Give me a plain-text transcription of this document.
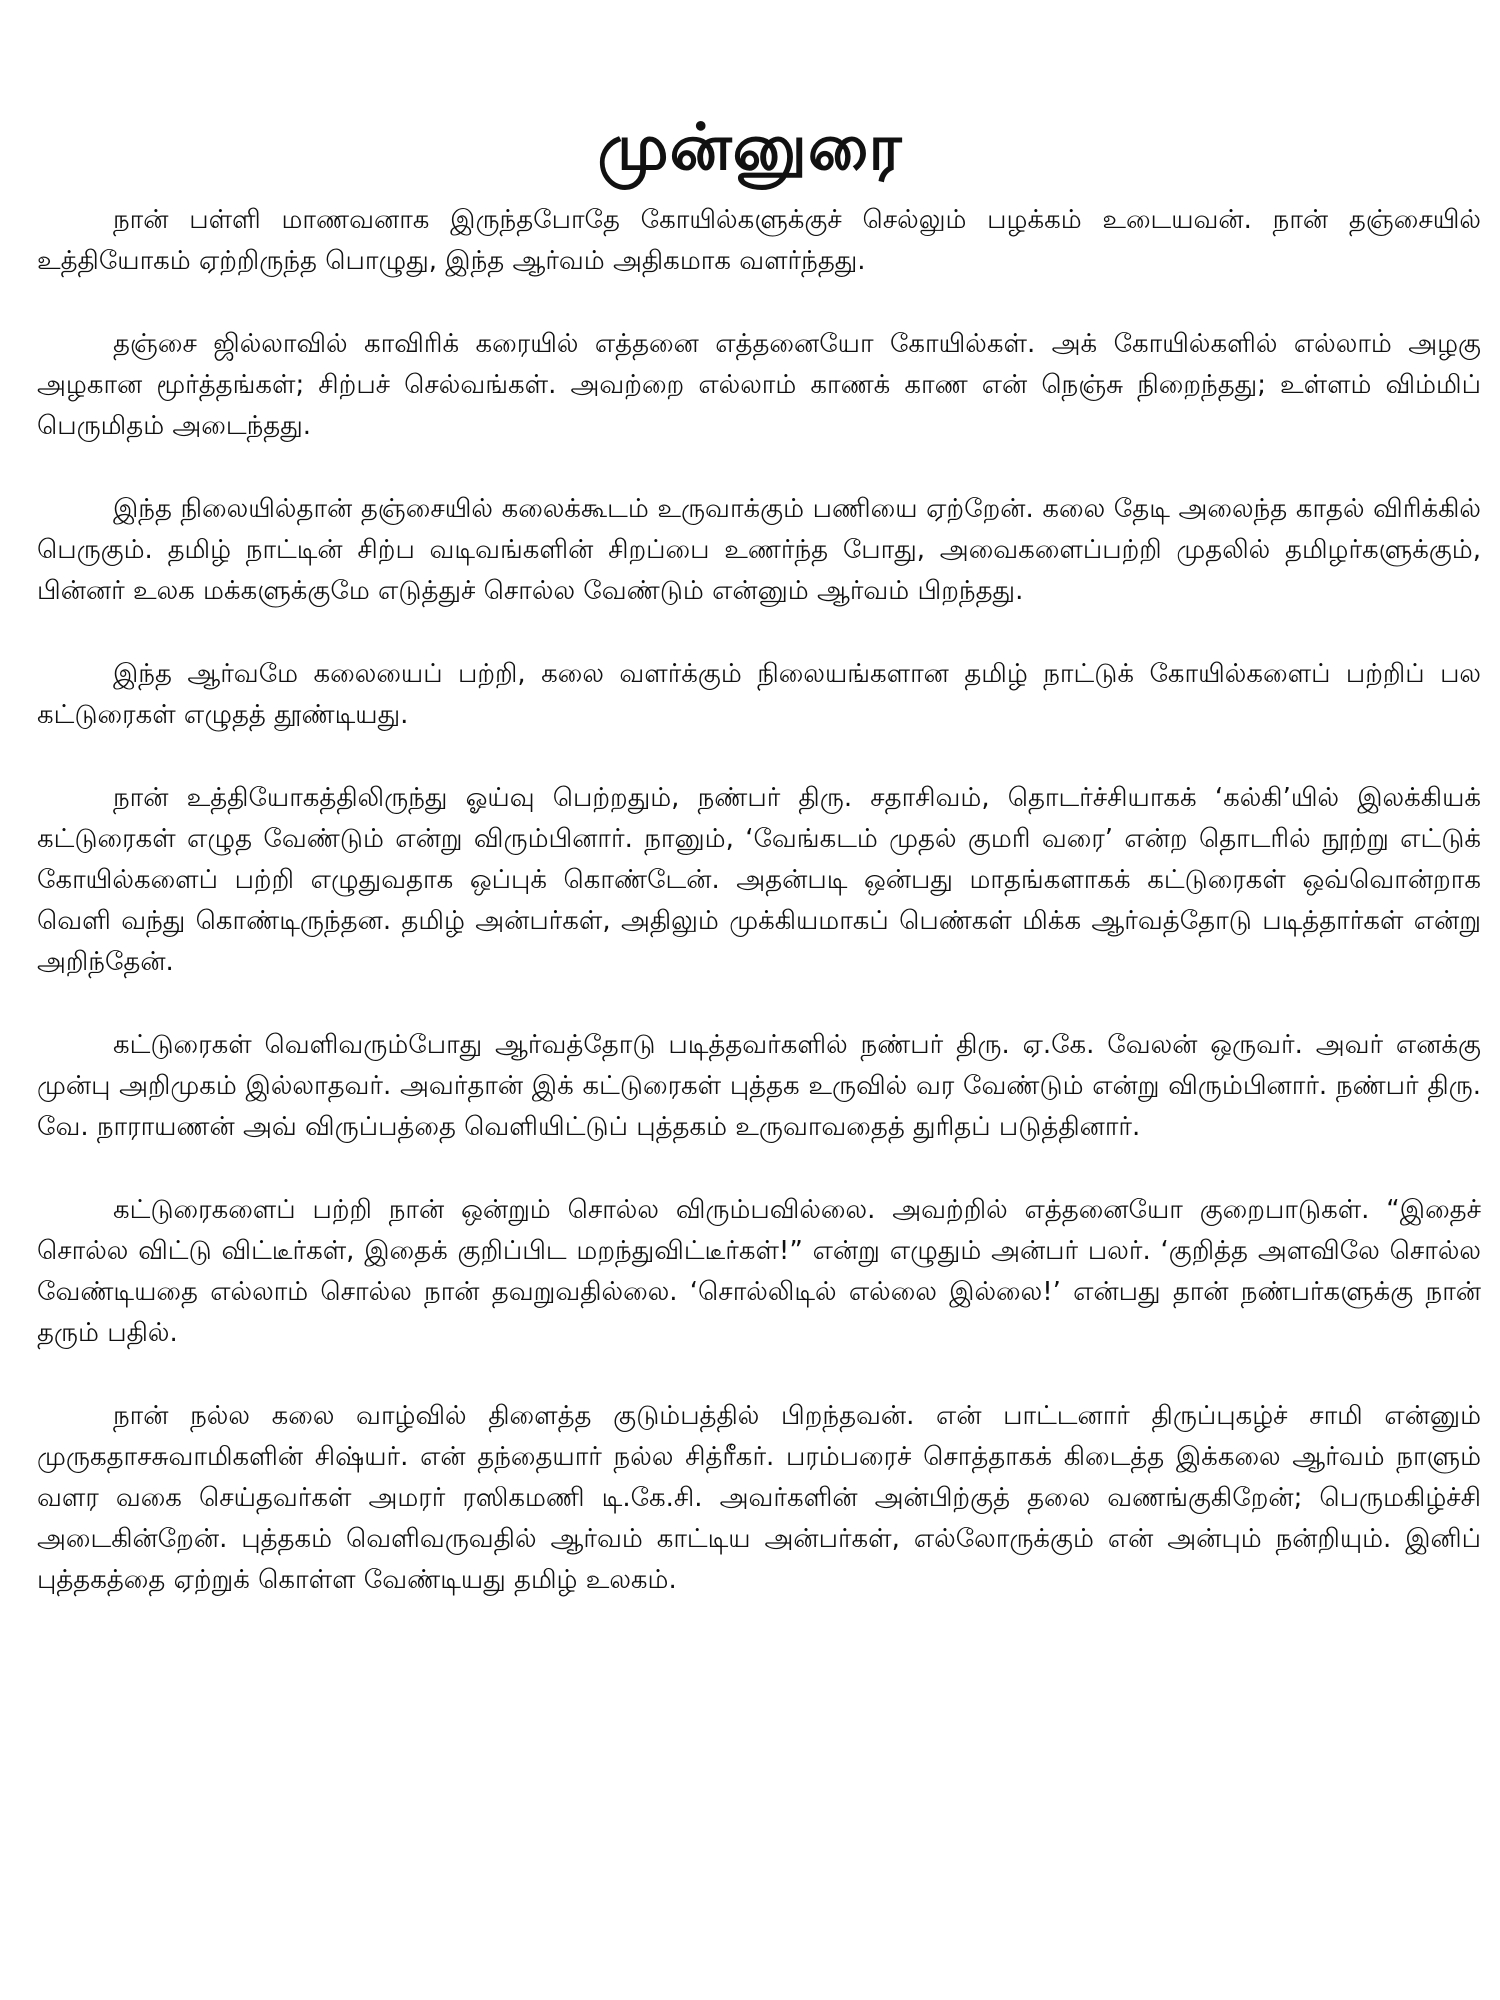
முன்னுரை

நான் பள்ளி மாணவனாக இருந்தபோதே கோயில்களுக்குச் செல்லும் பழக்கம் உடையவன். நான் தஞ்சையில் உத்தியோகம் ஏற்றிருந்த பொழுது, இந்த ஆர்வம் அதிகமாக வளர்ந்தது.

தஞ்சை ஜில்லாவில் காவிரிக் கரையில் எத்தனை எத்தனையோ கோயில்கள். அக் கோயில்களில் எல்லாம் அழகு அழகான மூர்த்தங்கள்; சிற்பச் செல்வங்கள். அவற்றை எல்லாம் காணக் காண என் நெஞ்சு நிறைந்தது; உள்ளம் விம்மிப் பெருமிதம் அடைந்தது.

இந்த நிலையில்தான் தஞ்சையில் கலைக்கூடம் உருவாக்கும் பணியை ஏற்றேன். கலை தேடி அலைந்த காதல் விரிக்கில் பெருகும். தமிழ் நாட்டின் சிற்ப வடிவங்களின் சிறப்பை உணர்ந்த போது, அவைகளைப்பற்றி முதலில் தமிழர்களுக்கும், பின்னர் உலக மக்களுக்குமே எடுத்துச் சொல்ல வேண்டும் என்னும் ஆர்வம் பிறந்தது.

இந்த ஆர்வமே கலையைப் பற்றி, கலை வளர்க்கும் நிலையங்களான தமிழ் நாட்டுக் கோயில்களைப் பற்றிப் பல கட்டுரைகள் எழுதத் தூண்டியது.

நான் உத்தியோகத்திலிருந்து ஓய்வு பெற்றதும், நண்பர் திரு. சதாசிவம், தொடர்ச்சியாகக் ‘கல்கி’யில் இலக்கியக் கட்டுரைகள் எழுத வேண்டும் என்று விரும்பினார். நானும், ‘வேங்கடம் முதல் குமரி வரை’ என்ற தொடரில் நூற்று எட்டுக் கோயில்களைப் பற்றி எழுதுவதாக ஒப்புக் கொண்டேன். அதன்படி ஒன்பது மாதங்களாகக் கட்டுரைகள் ஒவ்வொன்றாக வெளி வந்து கொண்டிருந்தன. தமிழ் அன்பர்கள், அதிலும் முக்கியமாகப் பெண்கள் மிக்க ஆர்வத்தோடு படித்தார்கள் என்று அறிந்தேன்.

கட்டுரைகள் வெளிவரும்போது ஆர்வத்தோடு படித்தவர்களில் நண்பர் திரு. ஏ.கே. வேலன் ஒருவர். அவர் எனக்கு முன்பு அறிமுகம் இல்லாதவர். அவர்தான் இக் கட்டுரைகள் புத்தக உருவில் வர வேண்டும் என்று விரும்பினார். நண்பர் திரு. வே. நாராயணன் அவ் விருப்பத்தை வெளியிட்டுப் புத்தகம் உருவாவதைத் துரிதப் படுத்தினார்.

கட்டுரைகளைப் பற்றி நான் ஒன்றும் சொல்ல விரும்பவில்லை. அவற்றில் எத்தனையோ குறைபாடுகள். “இதைச் சொல்ல விட்டு விட்டீர்கள், இதைக் குறிப்பிட மறந்துவிட்டீர்கள்!” என்று எழுதும் அன்பர் பலர். ‘குறித்த அளவிலே சொல்ல வேண்டியதை எல்லாம் சொல்ல நான் தவறுவதில்லை. ‘சொல்லிடில் எல்லை இல்லை!’ என்பது தான் நண்பர்களுக்கு நான் தரும் பதில்.

நான் நல்ல கலை வாழ்வில் திளைத்த குடும்பத்தில் பிறந்தவன். என் பாட்டனார் திருப்புகழ்ச் சாமி என்னும் முருகதாசசுவாமிகளின் சிஷ்யர். என் தந்தையார் நல்ல சித்ரீகர். பரம்பரைச் சொத்தாகக் கிடைத்த இக்கலை ஆர்வம் நாளும் வளர வகை செய்தவர்கள் அமரர் ரஸிகமணி டி.கே.சி. அவர்களின் அன்பிற்குத் தலை வணங்குகிறேன்; பெருமகிழ்ச்சி அடைகின்றேன். புத்தகம் வெளிவருவதில் ஆர்வம் காட்டிய அன்பர்கள், எல்லோருக்கும் என் அன்பும் நன்றியும். இனிப் புத்தகத்தை ஏற்றுக் கொள்ள வேண்டியது தமிழ் உலகம்.
